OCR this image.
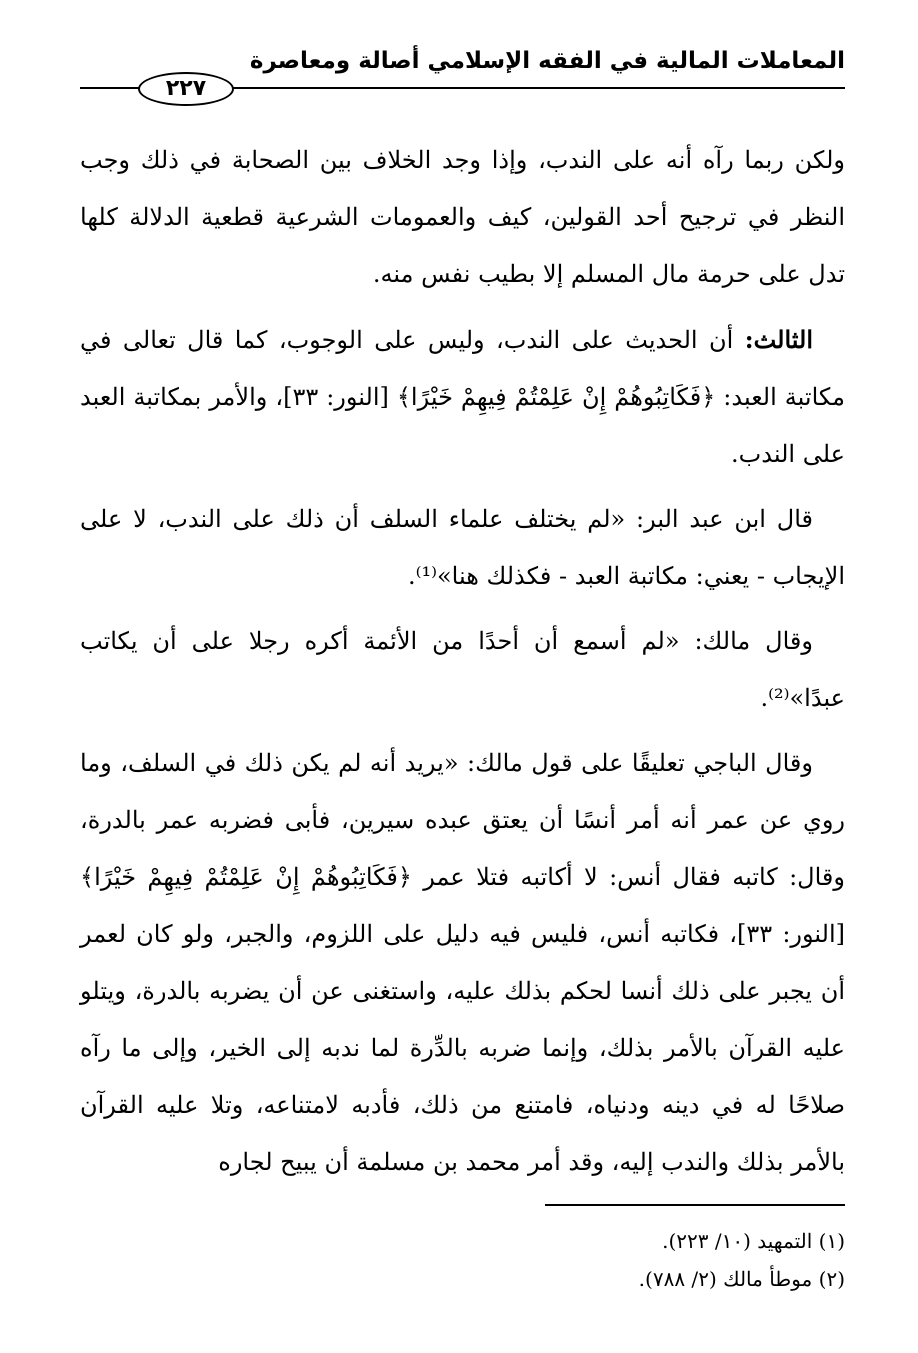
المعاملات المالية في الفقه الإسلامي أصالة ومعاصرة
٢٢٧

ولكن ربما رآه أنه على الندب، وإذا وجد الخلاف بين الصحابة في ذلك وجب النظر في ترجيح أحد القولين، كيف والعمومات الشرعية قطعية الدلالة كلها تدل على حرمة مال المسلم إلا بطيب نفس منه.

الثالث: أن الحديث على الندب، وليس على الوجوب، كما قال تعالى في مكاتبة العبد: ﴿فَكَاتِبُوهُمْ إِنْ عَلِمْتُمْ فِيهِمْ خَيْرًا﴾ [النور: ٣٣]، والأمر بمكاتبة العبد على الندب.

قال ابن عبد البر: «لم يختلف علماء السلف أن ذلك على الندب، لا على الإيجاب - يعني: مكاتبة العبد - فكذلك هنا»⁽¹⁾.

وقال مالك: «لم أسمع أن أحدًا من الأئمة أكره رجلا على أن يكاتب عبدًا»⁽²⁾.

وقال الباجي تعليقًا على قول مالك: «يريد أنه لم يكن ذلك في السلف، وما روي عن عمر أنه أمر أنسًا أن يعتق عبده سيرين، فأبى فضربه عمر بالدرة، وقال: كاتبه فقال أنس: لا أكاتبه فتلا عمر ﴿فَكَاتِبُوهُمْ إِنْ عَلِمْتُمْ فِيهِمْ خَيْرًا﴾ [النور: ٣٣]، فكاتبه أنس، فليس فيه دليل على اللزوم، والجبر، ولو كان لعمر أن يجبر على ذلك أنسا لحكم بذلك عليه، واستغنى عن أن يضربه بالدرة، ويتلو عليه القرآن بالأمر بذلك، وإنما ضربه بالدِّرة لما ندبه إلى الخير، وإلى ما رآه صلاحًا له في دينه ودنياه، فامتنع من ذلك، فأدبه لامتناعه، وتلا عليه القرآن بالأمر بذلك والندب إليه، وقد أمر محمد بن مسلمة أن يبيح لجاره

(١) التمهيد (١٠/ ٢٢٣).
(٢) موطأ مالك (٢/ ٧٨٨).
